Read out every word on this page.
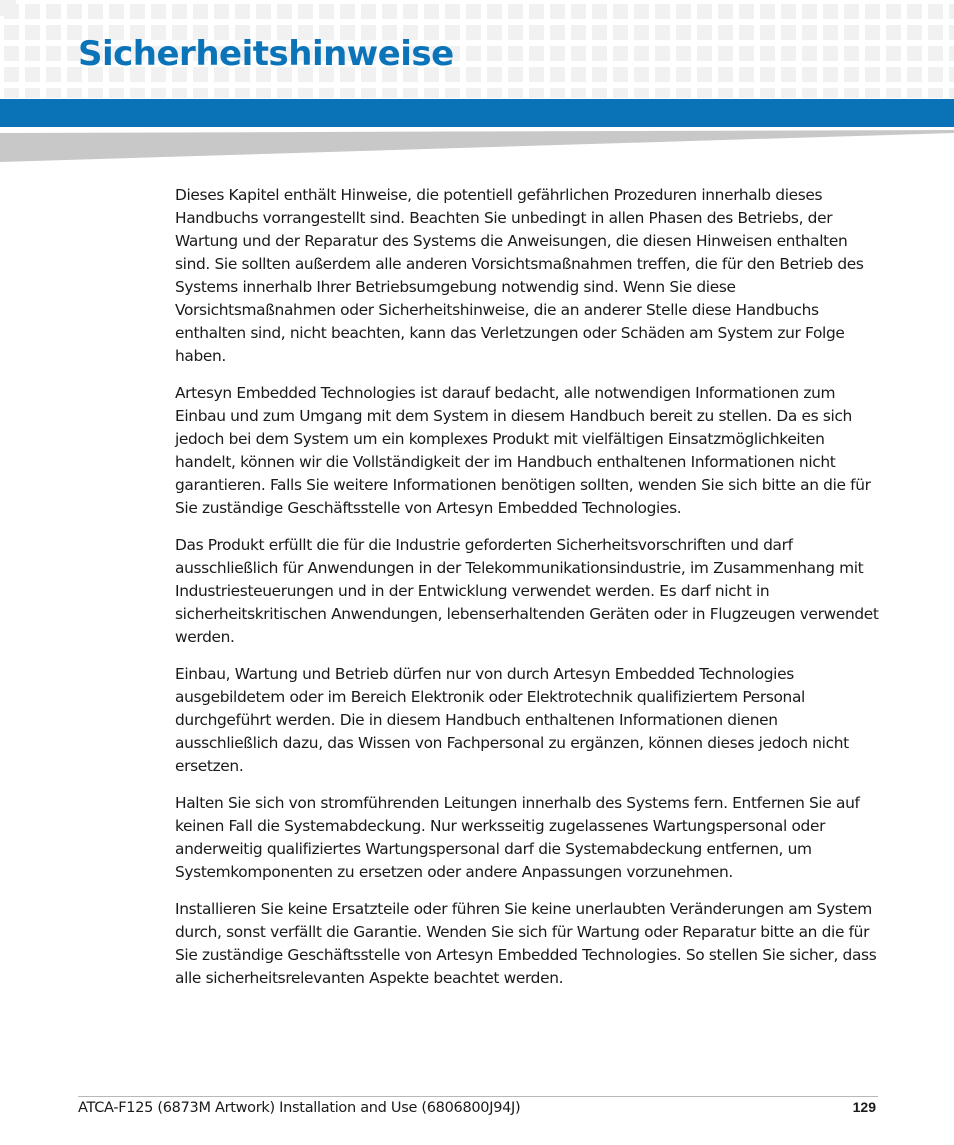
Sicherheitshinweise

Dieses Kapitel enthält Hinweise, die potentiell gefährlichen Prozeduren innerhalb dieses Handbuchs vorrangestellt sind. Beachten Sie unbedingt in allen Phasen des Betriebs, der Wartung und der Reparatur des Systems die Anweisungen, die diesen Hinweisen enthalten sind. Sie sollten außerdem alle anderen Vorsichtsmaßnahmen treffen, die für den Betrieb des Systems innerhalb Ihrer Betriebsumgebung notwendig sind. Wenn Sie diese Vorsichtsmaßnahmen oder Sicherheitshinweise, die an anderer Stelle diese Handbuchs enthalten sind, nicht beachten, kann das Verletzungen oder Schäden am System zur Folge haben.

Artesyn Embedded Technologies ist darauf bedacht, alle notwendigen Informationen zum Einbau und zum Umgang mit dem System in diesem Handbuch bereit zu stellen. Da es sich jedoch bei dem System um ein komplexes Produkt mit vielfältigen Einsatzmöglichkeiten handelt, können wir die Vollständigkeit der im Handbuch enthaltenen Informationen nicht garantieren. Falls Sie weitere Informationen benötigen sollten, wenden Sie sich bitte an die für Sie zuständige Geschäftsstelle von Artesyn Embedded Technologies.

Das Produkt erfüllt die für die Industrie geforderten Sicherheitsvorschriften und darf ausschließlich für Anwendungen in der Telekommunikationsindustrie, im Zusammenhang mit Industriesteuerungen und in der Entwicklung verwendet werden. Es darf nicht in sicherheitskritischen Anwendungen, lebenserhaltenden Geräten oder in Flugzeugen verwendet werden.

Einbau, Wartung und Betrieb dürfen nur von durch Artesyn Embedded Technologies ausgebildetem oder im Bereich Elektronik oder Elektrotechnik qualifiziertem Personal durchgeführt werden. Die in diesem Handbuch enthaltenen Informationen dienen ausschließlich dazu, das Wissen von Fachpersonal zu ergänzen, können dieses jedoch nicht ersetzen.

Halten Sie sich von stromführenden Leitungen innerhalb des Systems fern. Entfernen Sie auf keinen Fall die Systemabdeckung. Nur werksseitig zugelassenes Wartungspersonal oder anderweitig qualifiziertes Wartungspersonal darf die Systemabdeckung entfernen, um Systemkomponenten zu ersetzen oder andere Anpassungen vorzunehmen.

Installieren Sie keine Ersatzteile oder führen Sie keine unerlaubten Veränderungen am System durch, sonst verfällt die Garantie. Wenden Sie sich für Wartung oder Reparatur bitte an die für Sie zuständige Geschäftsstelle von Artesyn Embedded Technologies. So stellen Sie sicher, dass alle sicherheitsrelevanten Aspekte beachtet werden.

ATCA-F125 (6873M Artwork) Installation and Use (6806800J94J)	129
